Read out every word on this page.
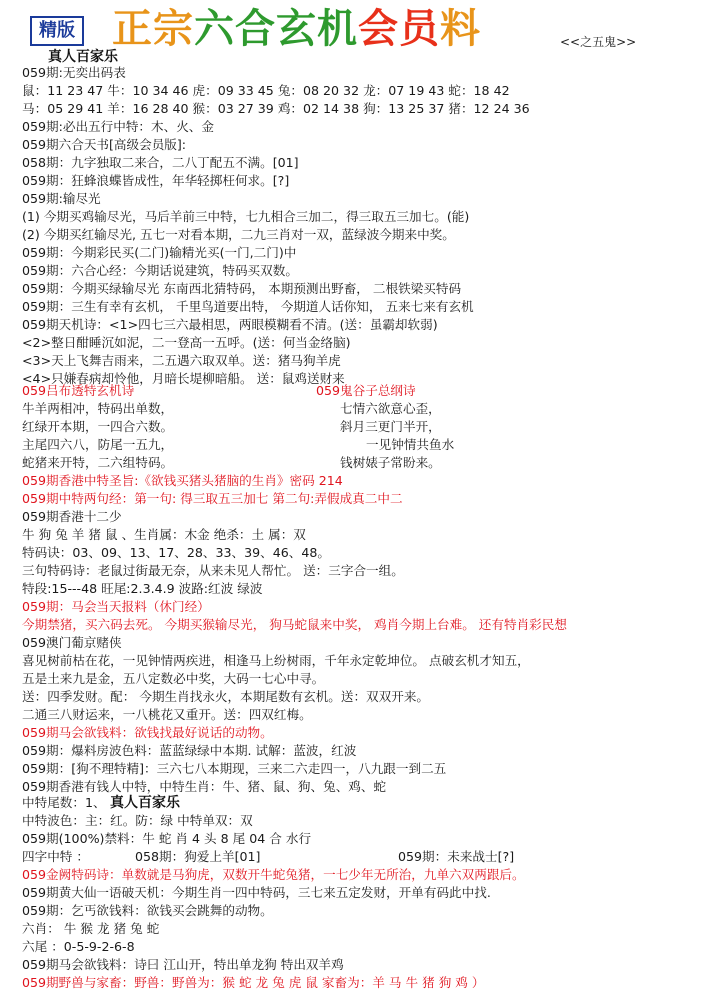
精版 正宗六合玄机会员料	<<之五鬼>>
真人百家乐
059期:无奕出码表
鼠：11 23 47 牛：10 34 46 虎：09 33 45 兔：08 20 32 龙：07 19 43 蛇：18 42
马：05 29 41 羊：16 28 40 猴：03 27 39 鸡：02 14 38 狗：13 25 37 猪：12 24 36
059期:必出五行中特：木、火、金
059期六合天书[高级会员版]:
058期：九字独取二来合，二八丁配五不满。[01]
059期：狂蜂浪蝶皆成性，年华轻掷枉何求。[?]
059期:输尽光
(1) 今期买鸡输尽光，马后羊前三中特，七九相合三加二，得三取五三加七。(能)
(2) 今期买红输尽光, 五七一对看本期，二九三肖对一双，蓝绿波今期来中奖。
059期：今期彩民买(二门)输精光买(一门,二门)中
059期：六合心经：今期话说建筑，特码买双数。
059期：今期买绿输尽光 东南西北猜特码， 本期预测出野畜， 二根铁梁买特码
059期：三生有幸有玄机， 千里鸟道要出特， 今期道人话你知， 五来七来有玄机
059期天机诗：<1>四七三六最相思，两眼模糊看不清。(送：虽霸却软弱)
<2>整日酣睡沉如泥，二一登高一五呼。(送：何当金络脑)
<3>天上飞舞吉雨来，二五遇六取双单。送：猪马狗羊虎
<4>只嫌春病却怜他，月暗长堤柳暗船。 送：鼠鸡送财来
059吕布透特玄机诗	059鬼谷子总纲诗
牛羊两相冲，特码出单数，
红绿开本期，一四合六数。
主尾四六八，防尾一五九，
蛇猪来开特，二六组特码。
七情六欲意心歪，
斜月三更门半开，
一见钟情共鱼水
钱树婊子常盼来。
059期香港中特圣旨:《欲钱买猪头猪脑的生肖》密码 214
059期中特两句经：第一句: 得三取五三加七 第二句:弄假成真二中二
059期香港十二少
牛 狗 兔 羊 猪 鼠 、生肖属：木金 绝杀：土 属：双
特码诀：03、09、13、17、28、33、39、46、48。
三句特码诗：老鼠过街最无奈，从来未见人帮忙。 送：三字合一组。
特段:15---48 旺尾:2.3.4.9 波路:红波 绿波
059期：马会当天报料（休门经）
今期禁猪，买六码去死。 今期买猴输尽光， 狗马蛇鼠来中奖， 鸡肖今期上台难。 还有特肖彩民想
059澳门葡京赌侠
喜见树前枯在花，一见钟情两疾进，相逢马上纷树雨，千年永定乾坤位。 点破玄机才知五，
五是土来九是金，五八定数必中奖，大码一七心中寻。
送：四季发财。配： 今期生肖找永火，本期尾数有玄机。送：双双开来。
二通三八财运来，一八桃花又重开。送：四双红梅。
059期马会欲钱料：欲钱找最好说话的动物。
059期：爆料房波色料：蓝蓝绿绿中本期. 试解：蓝波，红波
059期：[狗不理特精]：三六七八本期现，三来二六走四一，八九跟一到二五
059期香港有钱人中特，中特生肖：牛、猪、鼠、狗、兔、鸡、蛇
真人百家乐
中特尾数：1、
中特波色：主：红。防：绿 中特单双：双
059期(100%)禁料：牛 蛇 肖 4 头 8 尾 04 合 水行
四字中特 ：	058期：狗爱上羊[01]	059期：未来战士[?]
059金阙特码诗：单数就是马狗虎，双数开牛蛇兔猪，一七少年无所治，九单六双两跟后。
059期黄大仙一语破天机：今期生肖一四中特码，三七来五定发财，开单有码此中找.
059期：乞丐欲钱料：欲钱买会跳舞的动物。
六肖： 牛 猴 龙 猪 兔 蛇
六尾 ：0-5-9-2-6-8
059期马会欲钱料：诗曰 江山开，特出单龙狗 特出双羊鸡
059期野兽与家畜：野兽：野兽为：猴 蛇 龙 兔 虎 鼠 家畜为：羊 马 牛 猪 狗 鸡 ）
